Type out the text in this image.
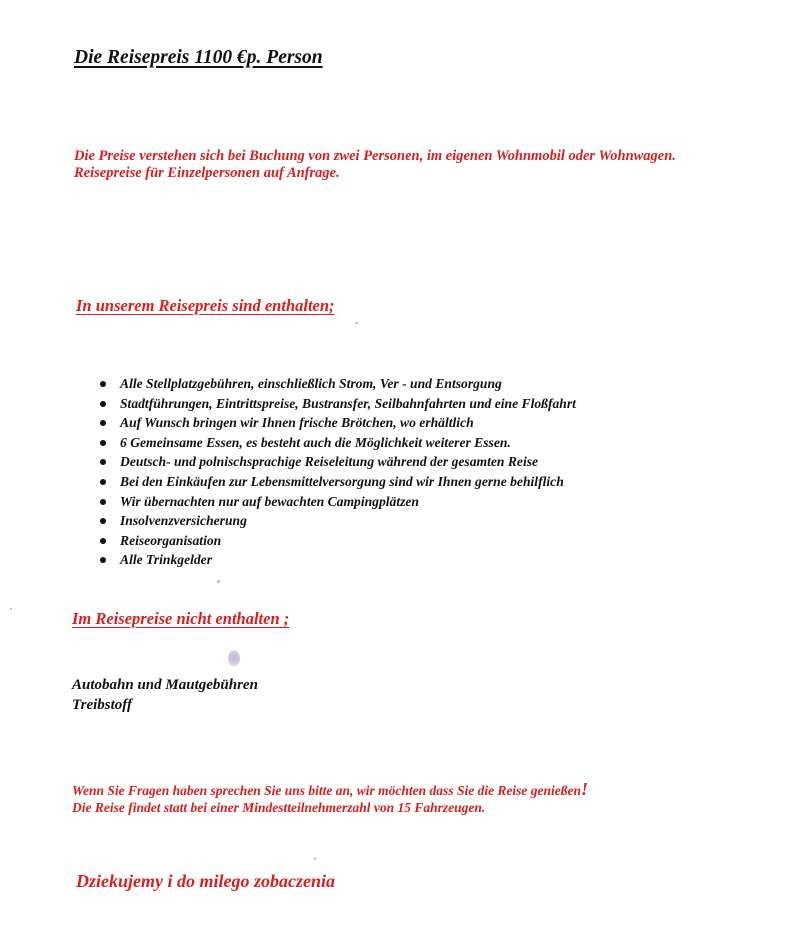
Die Reisepreis 1100 €p. Person

Die Preise verstehen sich bei Buchung von zwei Personen, im eigenen Wohnmobil oder Wohnwagen. Reisepreise für Einzelpersonen auf Anfrage.

In unserem Reisepreis sind enthalten;
Alle Stellplatzgebühren, einschließlich Strom, Ver - und Entsorgung
Stadtführungen, Eintrittspreise, Bustransfer, Seilbahnfahrten und eine Floßfahrt
Auf Wunsch bringen wir Ihnen frische Brötchen, wo erhältlich
6 Gemeinsame Essen, es besteht auch die Möglichkeit weiterer Essen.
Deutsch- und polnischsprachige Reiseleitung während der gesamten Reise
Bei den Einkäufen zur Lebensmittelversorgung sind wir Ihnen gerne behilflich
Wir übernachten nur auf bewachten Campingplätzen
Insolvenzversicherung
Reiseorganisation
Alle Trinkgelder
Im Reisepreise nicht enthalten ;
Autobahn und Mautgebühren
Treibstoff
Wenn Sie Fragen haben sprechen Sie uns bitte an, wir möchten dass Sie die Reise genießen!
Die Reise findet statt bei einer Mindestteilnehmerzahl von 15 Fahrzeugen.
Dziekujemy i do milego zobaczenia
